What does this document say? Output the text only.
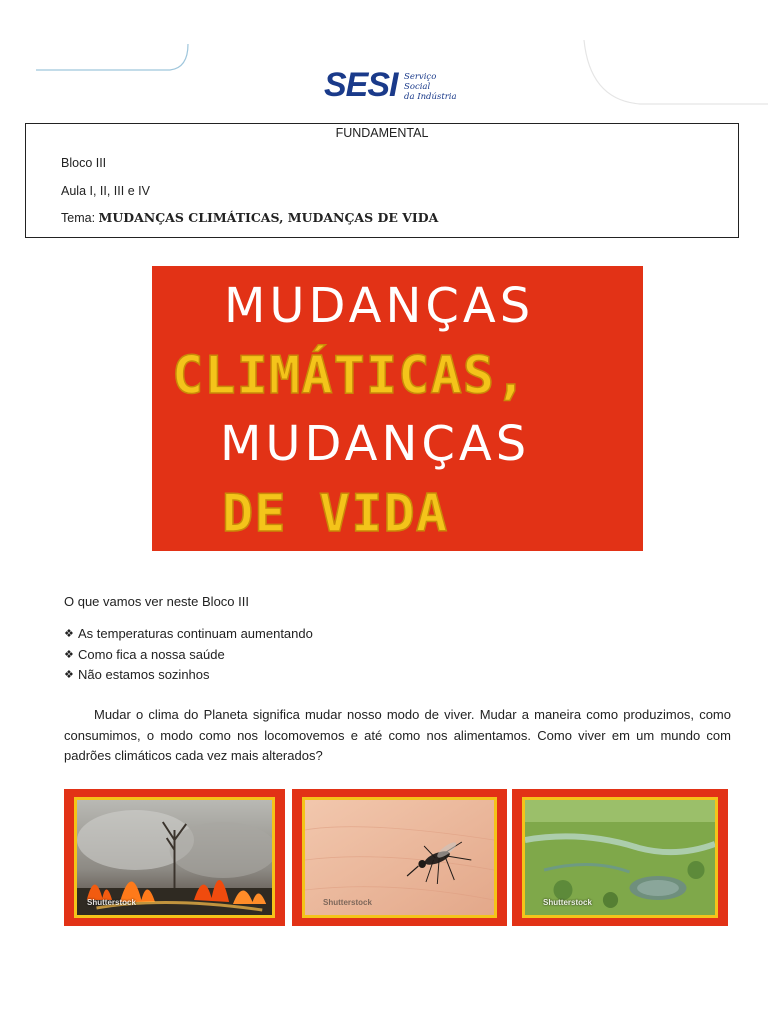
SESI Serviço
Social
da Indústria
FUNDAMENTAL
Bloco III
Aula I, II, III e IV
Tema: MUDANÇAS CLIMÁTICAS, MUDANÇAS DE VIDA
MUDANÇAS
CLIMÁTICAS,
MUDANÇAS
DE VIDA
O que vamos ver neste Bloco III
❖ As temperaturas continuam aumentando
❖ Como fica a nossa saúde
❖ Não estamos sozinhos

Mudar o clima do Planeta significa mudar nosso modo de viver. Mudar a maneira como produzimos, como consumimos, o modo como nos locomovemos e até como nos alimentamos. Como viver em um mundo com padrões climáticos cada vez mais alterados?

Shutterstock	Shutterstock	Shutterstock
